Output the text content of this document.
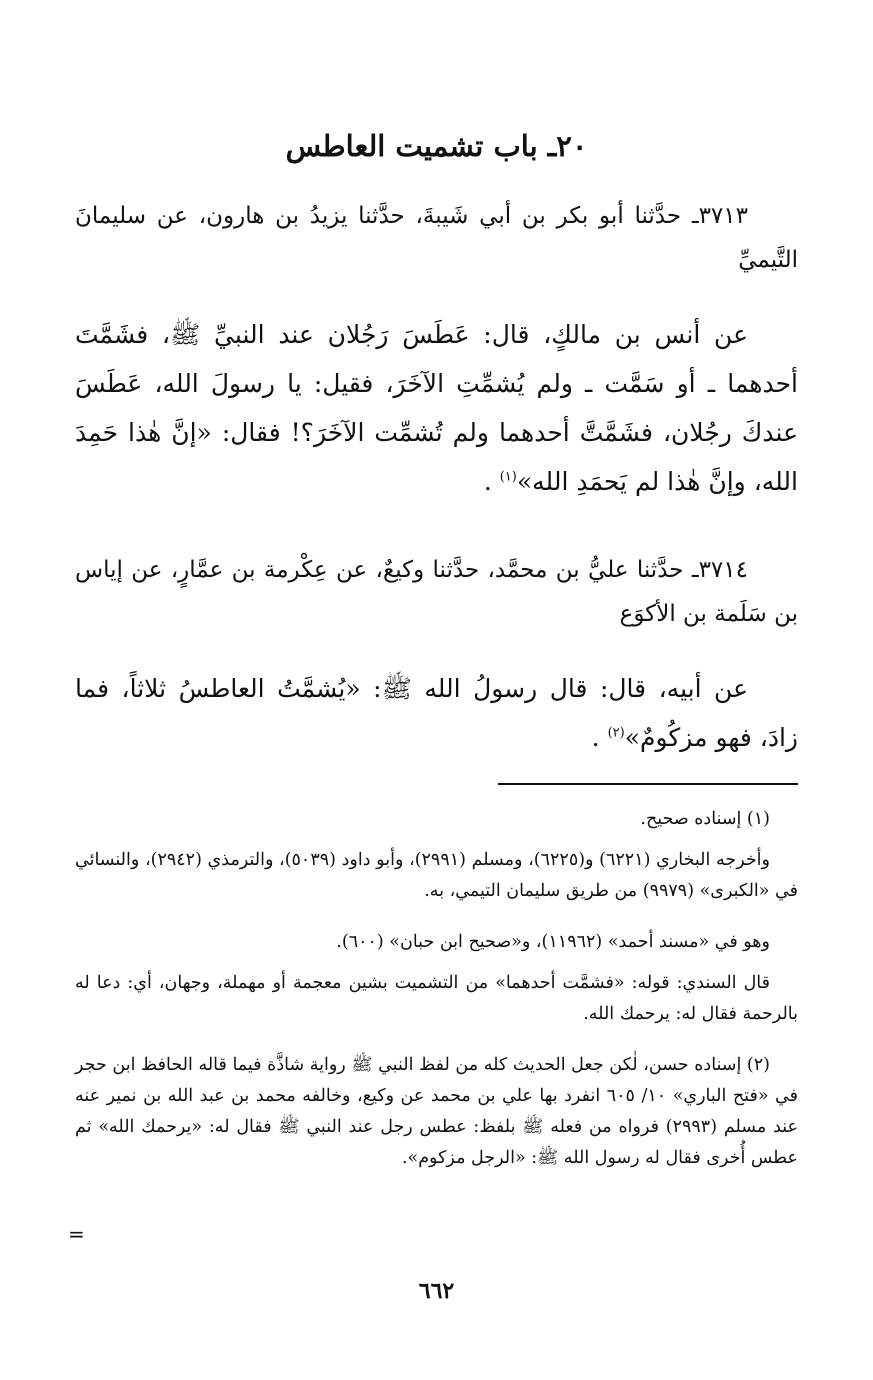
٢٠ـ باب تشميت العاطس
٣٧١٣ـ حدَّثنا أبو بكر بن أبي شَيبةَ، حدَّثنا يزيدُ بن هارون، عن سليمانَ التَّيميِّ
عن أنس بن مالكٍ، قال: عَطَسَ رَجُلان عند النبيِّ ﷺ، فشَمَّتَ أحدهما ـ أو سَمَّت ـ ولم يُشمِّتِ الآخَرَ، فقيل: يا رسولَ الله، عَطَسَ عندكَ رجُلان، فشَمَّتَّ أحدهما ولم تُشمِّت الآخَرَ؟! فقال: «إنَّ هٰذا حَمِدَ الله، وإنَّ هٰذا لم يَحمَدِ الله»$^{(١)}$ .
٣٧١٤ـ حدَّثنا عليُّ بن محمَّد، حدَّثنا وكيعٌ، عن عِكْرمة بن عمَّارٍ، عن إياس بن سَلَمة بن الأكوَع
عن أبيه، قال: قال رسولُ الله ﷺ: «يُشمَّتُ العاطسُ ثلاثاً، فما زادَ، فهو مزكُومٌ»$^{(٢)}$ .
(١) إسناده صحيح.
وأخرجه البخاري (٦٢٢١) و(٦٢٢٥)، ومسلم (٢٩٩١)، وأبو داود (٥٠٣٩)، والترمذي (٢٩٤٢)، والنسائي في «الكبرى» (٩٩٧٩) من طريق سليمان التيمي، به.
وهو في «مسند أحمد» (١١٩٦٢)، و«صحيح ابن حبان» (٦٠٠).
قال السندي: قوله: «فشمَّت أحدهما» من التشميت بشين معجمة أو مهملة، وجهان، أي: دعا له بالرحمة فقال له: يرحمك الله.
(٢) إسناده حسن، لٰكن جعل الحديث كله من لفظ النبي ﷺ رواية شاذَّة فيما قاله الحافظ ابن حجر في «فتح الباري» ١٠/ ٦٠٥ انفرد بها علي بن محمد عن وكيع، وخالفه محمد بن عبد الله بن نمير عنه عند مسلم (٢٩٩٣) فرواه من فعله ﷺ بلفظ: عطس رجل عند النبي ﷺ فقال له: «يرحمك الله» ثم عطس أُخرى فقال له رسول الله ﷺ: «الرجل مزكوم».
٦٦٢
=
